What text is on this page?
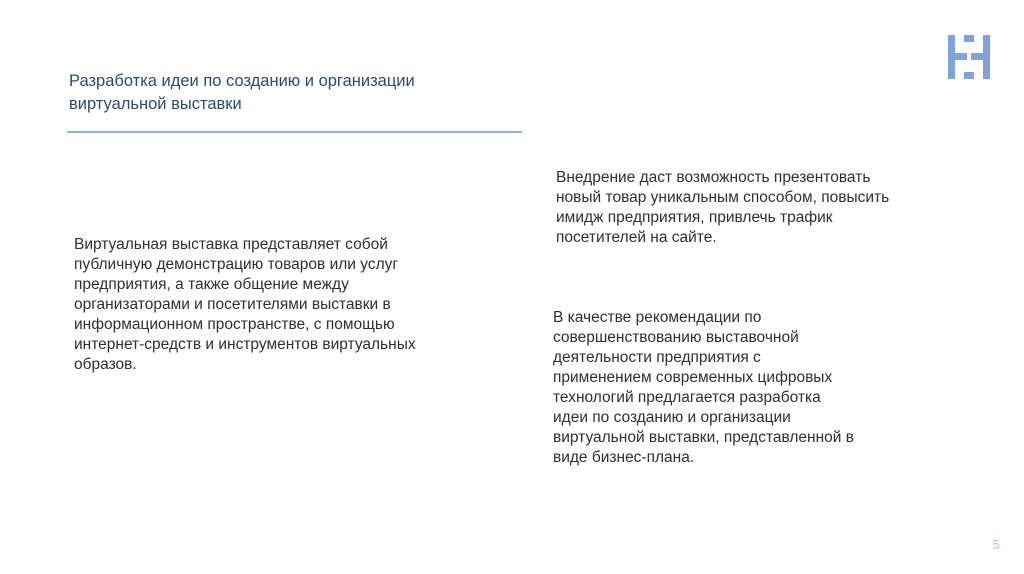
Разработка идеи по созданию и организации
виртуальной выставки

Виртуальная выставка представляет собой
публичную демонстрацию товаров или услуг
предприятия, а также общение между
организаторами и посетителями выставки в
информационном пространстве, с помощью
интернет-средств и инструментов виртуальных
образов.

Внедрение даст возможность презентовать
новый товар уникальным способом, повысить
имидж предприятия, привлечь трафик
посетителей на сайте.

В качестве рекомендации по
совершенствованию выставочной
деятельности предприятия с
применением современных цифровых
технологий предлагается разработка
идеи по созданию и организации
виртуальной выставки, представленной в
виде бизнес-плана.

5
